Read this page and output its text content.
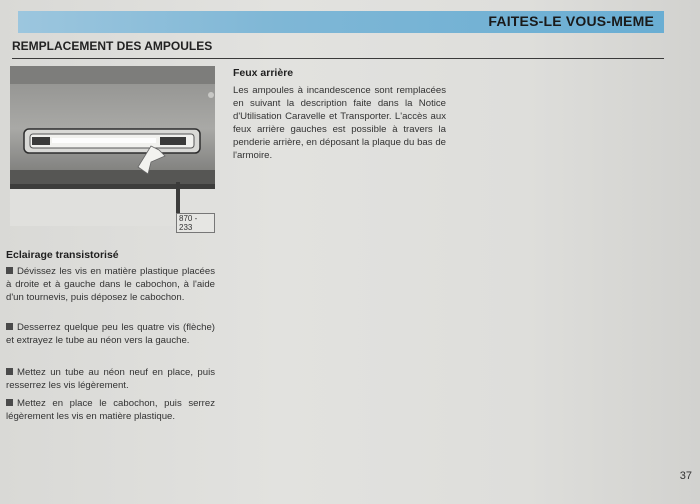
FAITES-LE VOUS-MEME
REMPLACEMENT DES AMPOULES
870 - 233
Feux arrière
Les ampoules à incandescence sont remplacées en suivant la description faite dans la Notice d'Utilisation Caravelle et Transporter. L'accès aux feux arrière gauches est possible à travers la penderie arrière, en déposant la plaque du bas de l'armoire.
Eclairage transistorisé
Dévissez les vis en matière plastique placées à droite et à gauche dans le cabochon, à l'aide d'un tournevis, puis déposez le cabochon.
Desserrez quelque peu les quatre vis (flèche) et extrayez le tube au néon vers la gauche.
Mettez un tube au néon neuf en place, puis resserrez les vis légèrement.
Mettez en place le cabochon, puis serrez légèrement les vis en matière plastique.
37
